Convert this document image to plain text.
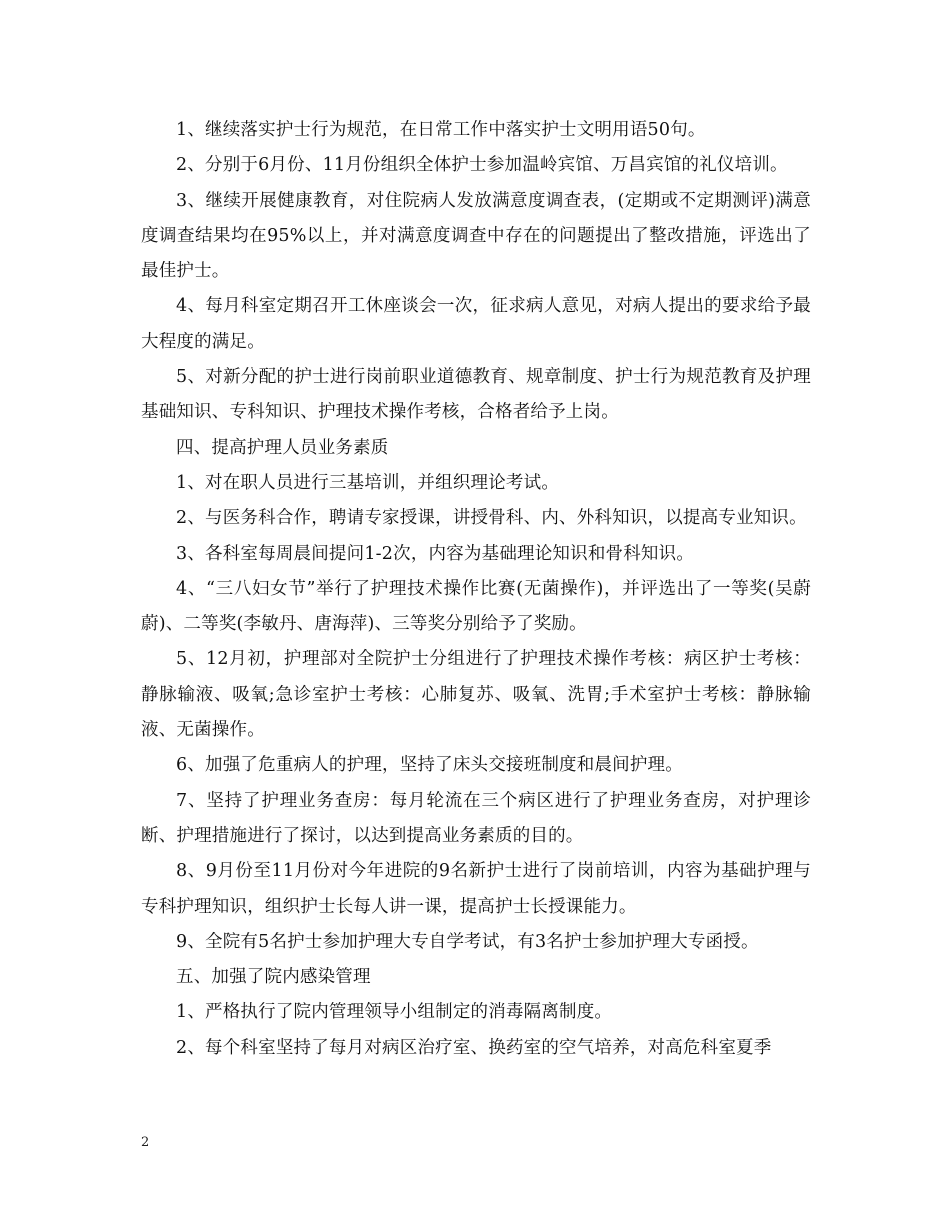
1、继续落实护士行为规范，在日常工作中落实护士文明用语50句。

2、分别于6月份、11月份组织全体护士参加温岭宾馆、万昌宾馆的礼仪培训。

3、继续开展健康教育，对住院病人发放满意度调查表，(定期或不定期测评)满意度调查结果均在95%以上，并对满意度调查中存在的问题提出了整改措施，评选出了最佳护士。

4、每月科室定期召开工休座谈会一次，征求病人意见，对病人提出的要求给予最大程度的满足。

5、对新分配的护士进行岗前职业道德教育、规章制度、护士行为规范教育及护理基础知识、专科知识、护理技术操作考核，合格者给予上岗。

四、提高护理人员业务素质

1、对在职人员进行三基培训，并组织理论考试。

2、与医务科合作，聘请专家授课，讲授骨科、内、外科知识，以提高专业知识。

3、各科室每周晨间提问1-2次，内容为基础理论知识和骨科知识。

4、“三八妇女节”举行了护理技术操作比赛(无菌操作)，并评选出了一等奖(吴蔚蔚)、二等奖(李敏丹、唐海萍)、三等奖分别给予了奖励。

5、12月初，护理部对全院护士分组进行了护理技术操作考核：病区护士考核：静脉输液、吸氧;急诊室护士考核：心肺复苏、吸氧、洗胃;手术室护士考核：静脉输液、无菌操作。

6、加强了危重病人的护理，坚持了床头交接班制度和晨间护理。

7、坚持了护理业务查房：每月轮流在三个病区进行了护理业务查房，对护理诊断、护理措施进行了探讨，以达到提高业务素质的目的。

8、9月份至11月份对今年进院的9名新护士进行了岗前培训，内容为基础护理与专科护理知识，组织护士长每人讲一课，提高护士长授课能力。

9、全院有5名护士参加护理大专自学考试，有3名护士参加护理大专函授。

五、加强了院内感染管理

1、严格执行了院内管理领导小组制定的消毒隔离制度。

2、每个科室坚持了每月对病区治疗室、换药室的空气培养，对高危科室夏季

2
